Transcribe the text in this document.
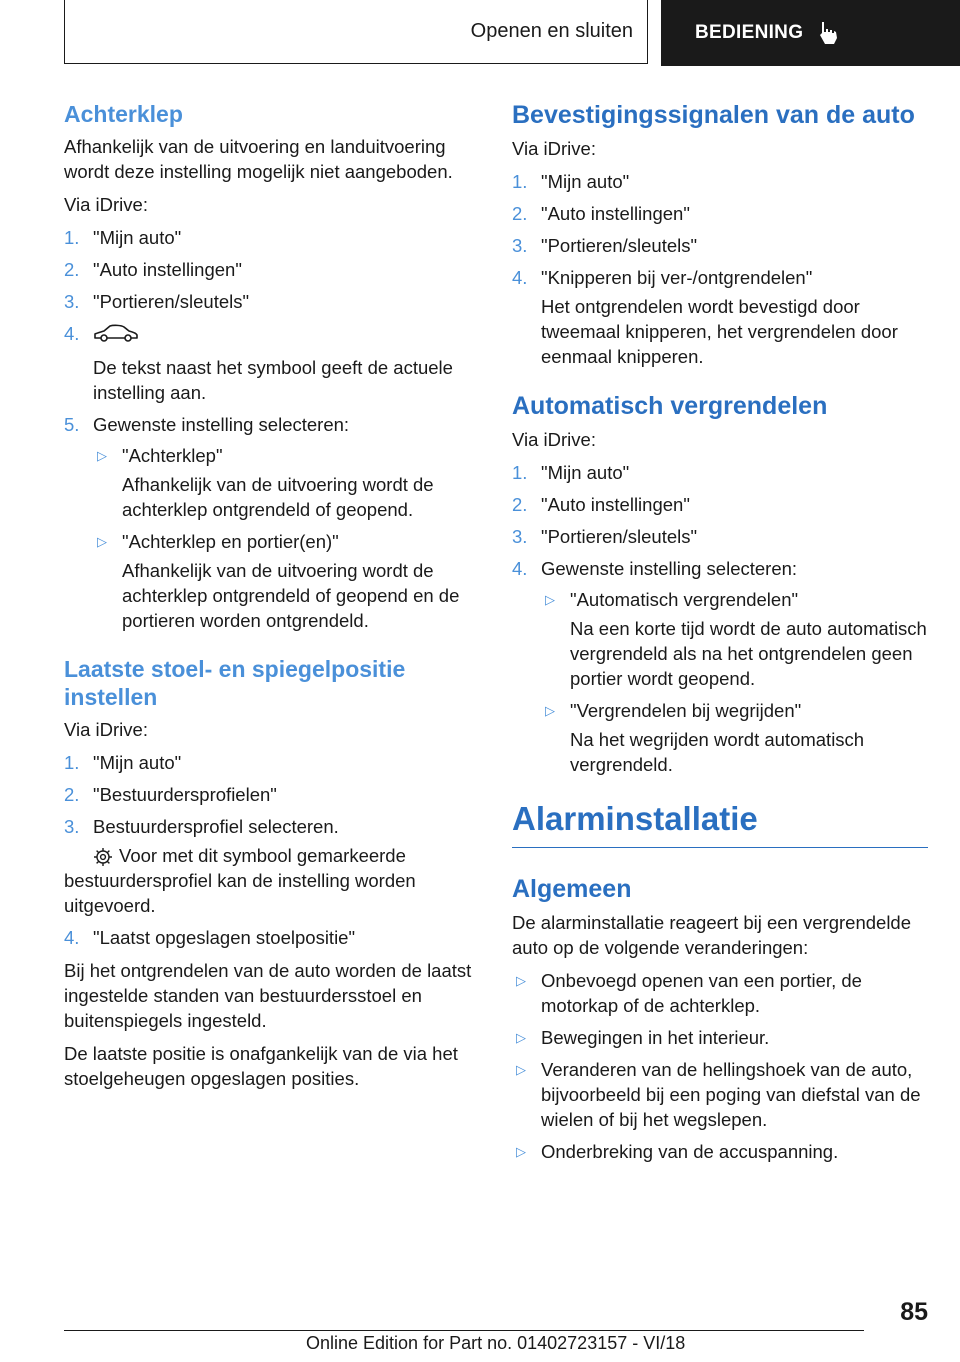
Openen en sluiten	BEDIENING
Achterklep

Afhankelijk van de uitvoering en landuitvoering wordt deze instelling mogelijk niet aangeboden.

Via iDrive:

1. "Mijn auto"
2. "Auto instellingen"
3. "Portieren/sleutels"
4.
De tekst naast het symbool geeft de actuele instelling aan.
5. Gewenste instelling selecteren:
▷ "Achterklep"
Afhankelijk van de uitvoering wordt de achterklep ontgrendeld of geopend.
▷ "Achterklep en portier(en)"
Afhankelijk van de uitvoering wordt de achterklep ontgrendeld of geopend en de portieren worden ontgrendeld.
Laatste stoel- en spiegelpositie instellen

Via iDrive:

1. "Mijn auto"
2. "Bestuurdersprofielen"
3. Bestuurdersprofiel selecteren.
Voor met dit symbool gemarkeerde bestuurdersprofiel kan de instelling worden uitgevoerd.
4. "Laatst opgeslagen stoelpositie"

Bij het ontgrendelen van de auto worden de laatst ingestelde standen van bestuurdersstoel en buitenspiegels ingesteld.

De laatste positie is onafgankelijk van de via het stoelgeheugen opgeslagen posities.

Bevestigingssignalen van de auto

Via iDrive:

1. "Mijn auto"
2. "Auto instellingen"
3. "Portieren/sleutels"
4. "Knipperen bij ver-/ontgrendelen"
Het ontgrendelen wordt bevestigd door tweemaal knipperen, het vergrendelen door eenmaal knipperen.
Automatisch vergrendelen

Via iDrive:

1. "Mijn auto"
2. "Auto instellingen"
3. "Portieren/sleutels"
4. Gewenste instelling selecteren:
▷ "Automatisch vergrendelen"
Na een korte tijd wordt de auto automatisch vergrendeld als na het ontgrendelen geen portier wordt geopend.
▷ "Vergrendelen bij wegrijden"
Na het wegrijden wordt automatisch vergrendeld.
Alarminstallatie
Algemeen

De alarminstallatie reageert bij een vergrendelde auto op de volgende veranderingen:

▷ Onbevoegd openen van een portier, de motorkap of de achterklep.
▷ Bewegingen in het interieur.
▷ Veranderen van de hellingshoek van de auto, bijvoorbeeld bij een poging van diefstal van de wielen of bij het wegslepen.
▷ Onderbreking van de accuspanning.
85
Online Edition for Part no. 01402723157 - VI/18
